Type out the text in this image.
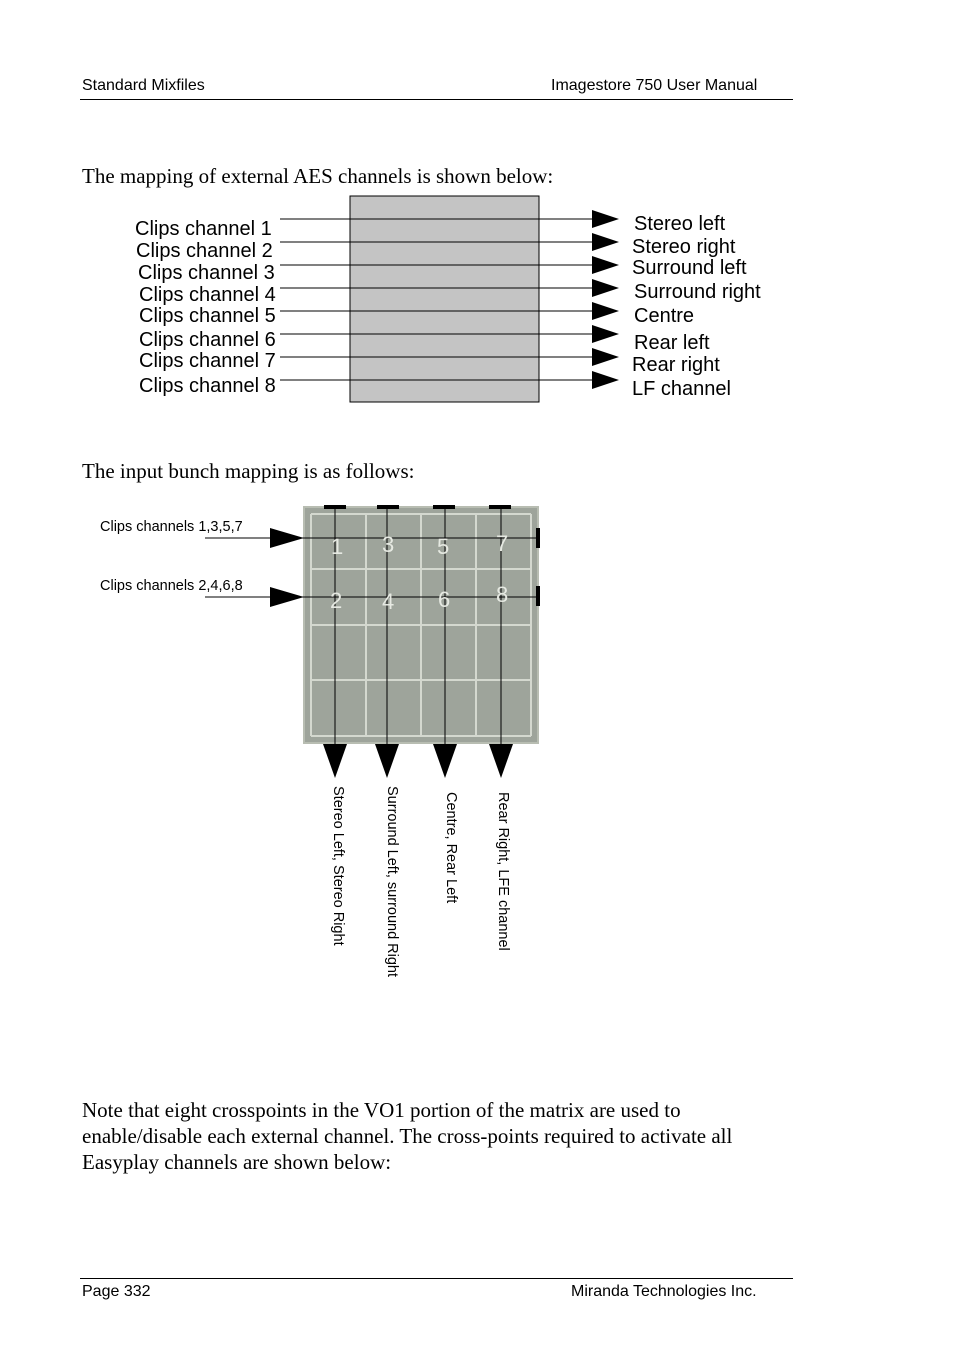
Standard Mixfiles	Imagestore 750 User Manual
The mapping of external AES channels is shown below:
Clips channel 1
Clips channel 2
Clips channel 3
Clips channel 4
Clips channel 5
Clips channel 6
Clips channel 7
Clips channel 8
Stereo left
Stereo right
Surround left
Surround right
Centre
Rear left
Rear right
LF channel
The input bunch mapping is as follows:
1 3 5 7
2 4 6 8
Clips channels 1,3,5,7
Clips channels 2,4,6,8
Stereo Left, Stereo Right	Surround Left, surround Right	Centre, Rear Left Rear Right, LFE channel
Note that eight crosspoints in the VO1 portion of the matrix are used to enable/disable each external channel. The cross-points required to activate all Easyplay channels are shown below:
Page 332	Miranda Technologies Inc.
